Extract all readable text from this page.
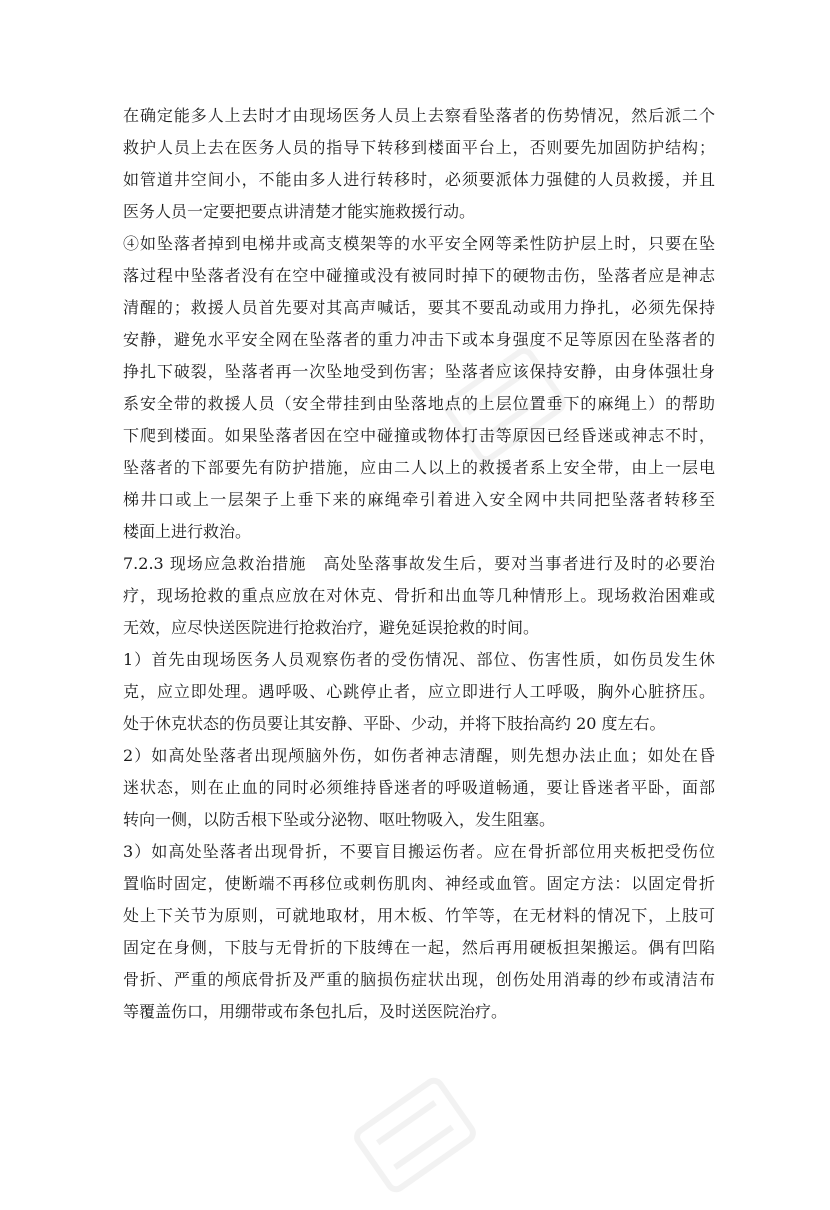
在确定能多人上去时才由现场医务人员上去察看坠落者的伤势情况，然后派二个
救护人员上去在医务人员的指导下转移到楼面平台上，否则要先加固防护结构；
如管道井空间小，不能由多人进行转移时，必须要派体力强健的人员救援，并且
医务人员一定要把要点讲清楚才能实施救援行动。
④如坠落者掉到电梯井或高支模架等的水平安全网等柔性防护层上时，只要在坠
落过程中坠落者没有在空中碰撞或没有被同时掉下的硬物击伤，坠落者应是神志
清醒的；救援人员首先要对其高声喊话，要其不要乱动或用力挣扎，必须先保持
安静，避免水平安全网在坠落者的重力冲击下或本身强度不足等原因在坠落者的
挣扎下破裂，坠落者再一次坠地受到伤害；坠落者应该保持安静，由身体强壮身
系安全带的救援人员（安全带挂到由坠落地点的上层位置垂下的麻绳上）的帮助
下爬到楼面。如果坠落者因在空中碰撞或物体打击等原因已经昏迷或神志不时，
坠落者的下部要先有防护措施，应由二人以上的救援者系上安全带，由上一层电
梯井口或上一层架子上垂下来的麻绳牵引着进入安全网中共同把坠落者转移至
楼面上进行救治。
7.2.3 现场应急救治措施　高处坠落事故发生后，要对当事者进行及时的必要治
疗，现场抢救的重点应放在对休克、骨折和出血等几种情形上。现场救治困难或
无效，应尽快送医院进行抢救治疗，避免延误抢救的时间。
1）首先由现场医务人员观察伤者的受伤情况、部位、伤害性质，如伤员发生休
克，应立即处理。遇呼吸、心跳停止者，应立即进行人工呼吸，胸外心脏挤压。
处于休克状态的伤员要让其安静、平卧、少动，并将下肢抬高约 20 度左右。
2）如高处坠落者出现颅脑外伤，如伤者神志清醒，则先想办法止血；如处在昏
迷状态，则在止血的同时必须维持昏迷者的呼吸道畅通，要让昏迷者平卧，面部
转向一侧，以防舌根下坠或分泌物、呕吐物吸入，发生阻塞。
3）如高处坠落者出现骨折，不要盲目搬运伤者。应在骨折部位用夹板把受伤位
置临时固定，使断端不再移位或刺伤肌肉、神经或血管。固定方法：以固定骨折
处上下关节为原则，可就地取材，用木板、竹竿等，在无材料的情况下，上肢可
固定在身侧，下肢与无骨折的下肢缚在一起，然后再用硬板担架搬运。偶有凹陷
骨折、严重的颅底骨折及严重的脑损伤症状出现，创伤处用消毒的纱布或清洁布
等覆盖伤口，用绷带或布条包扎后，及时送医院治疗。
